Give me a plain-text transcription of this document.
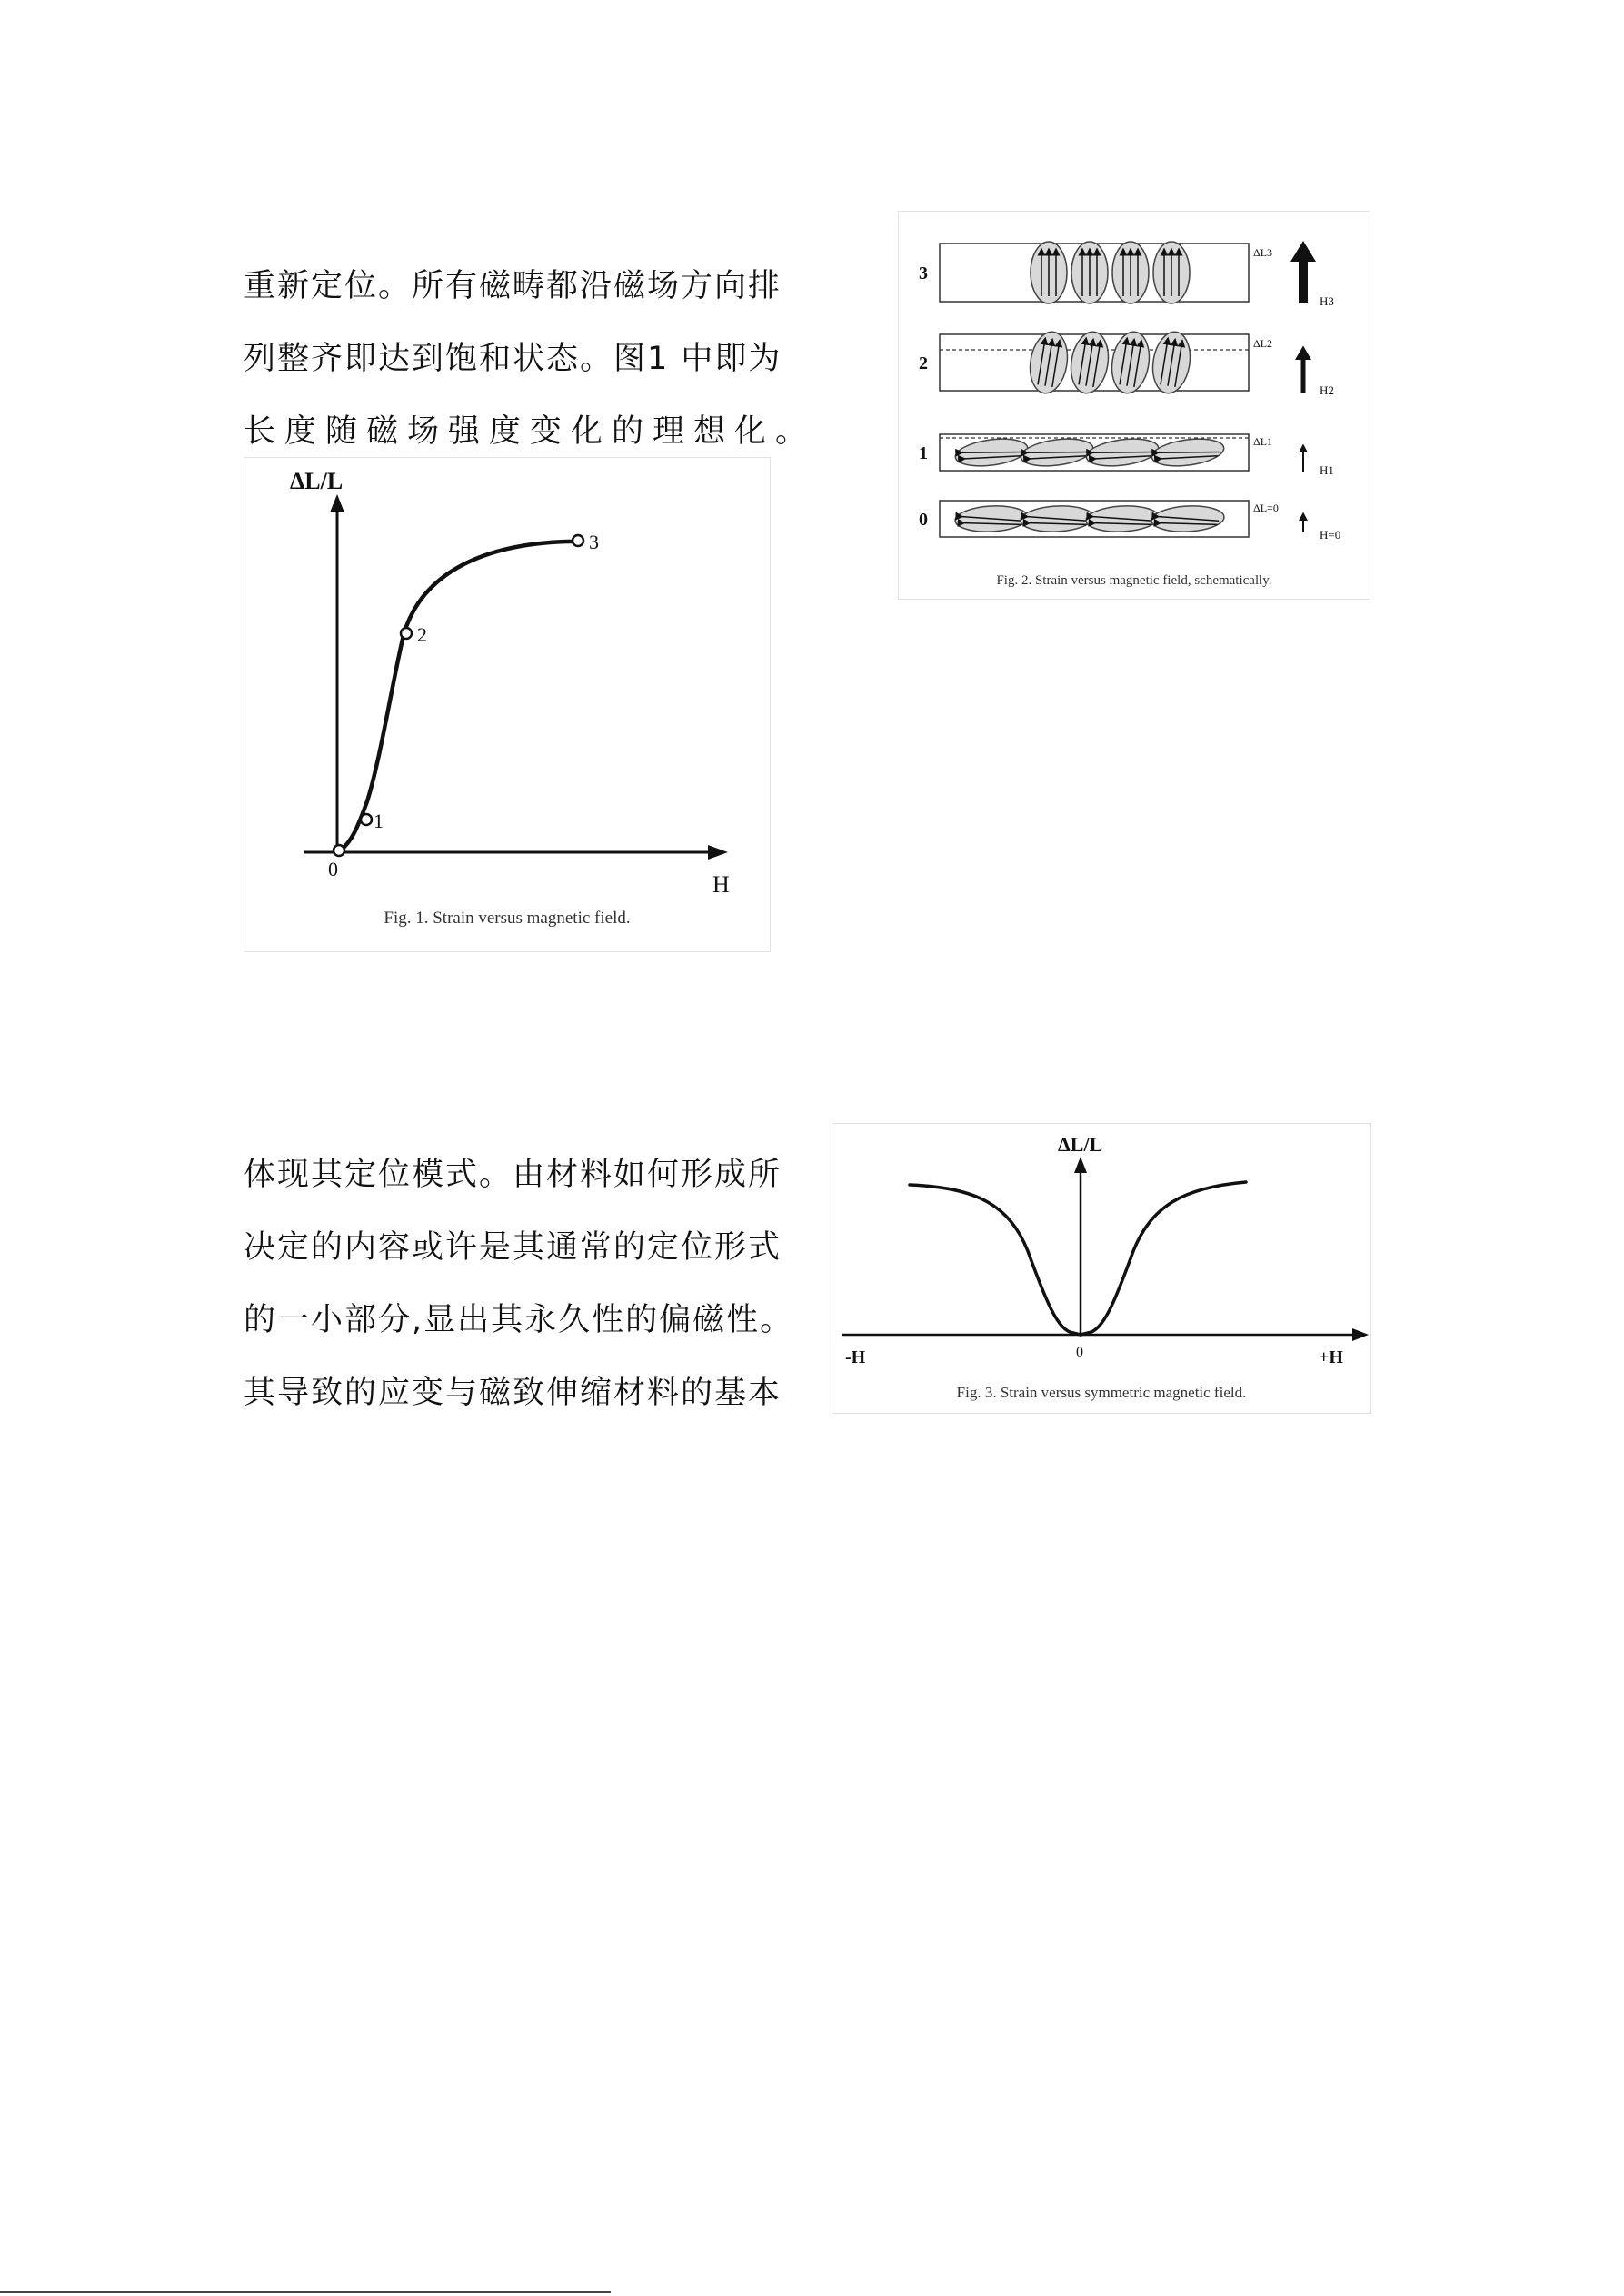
重新定位。所有磁畴都沿磁场方向排
列整齐即达到饱和状态。图1 中即为
长度随磁场强度变化的理想化。
ΔL/L
H
0
1
2
3
Fig. 1. Strain versus magnetic field.
3
ΔL3
H3
2
ΔL2
H2
1
ΔL1
H1
0
ΔL=0
H=0
Fig. 2. Strain versus magnetic field, schematically.
体现其定位模式。由材料如何形成所
决定的内容或许是其通常的定位形式
的一小部分,显出其永久性的偏磁性。
其导致的应变与磁致伸缩材料的基本
ΔL/L
-H	0	+H
Fig. 3. Strain versus symmetric magnetic field.
